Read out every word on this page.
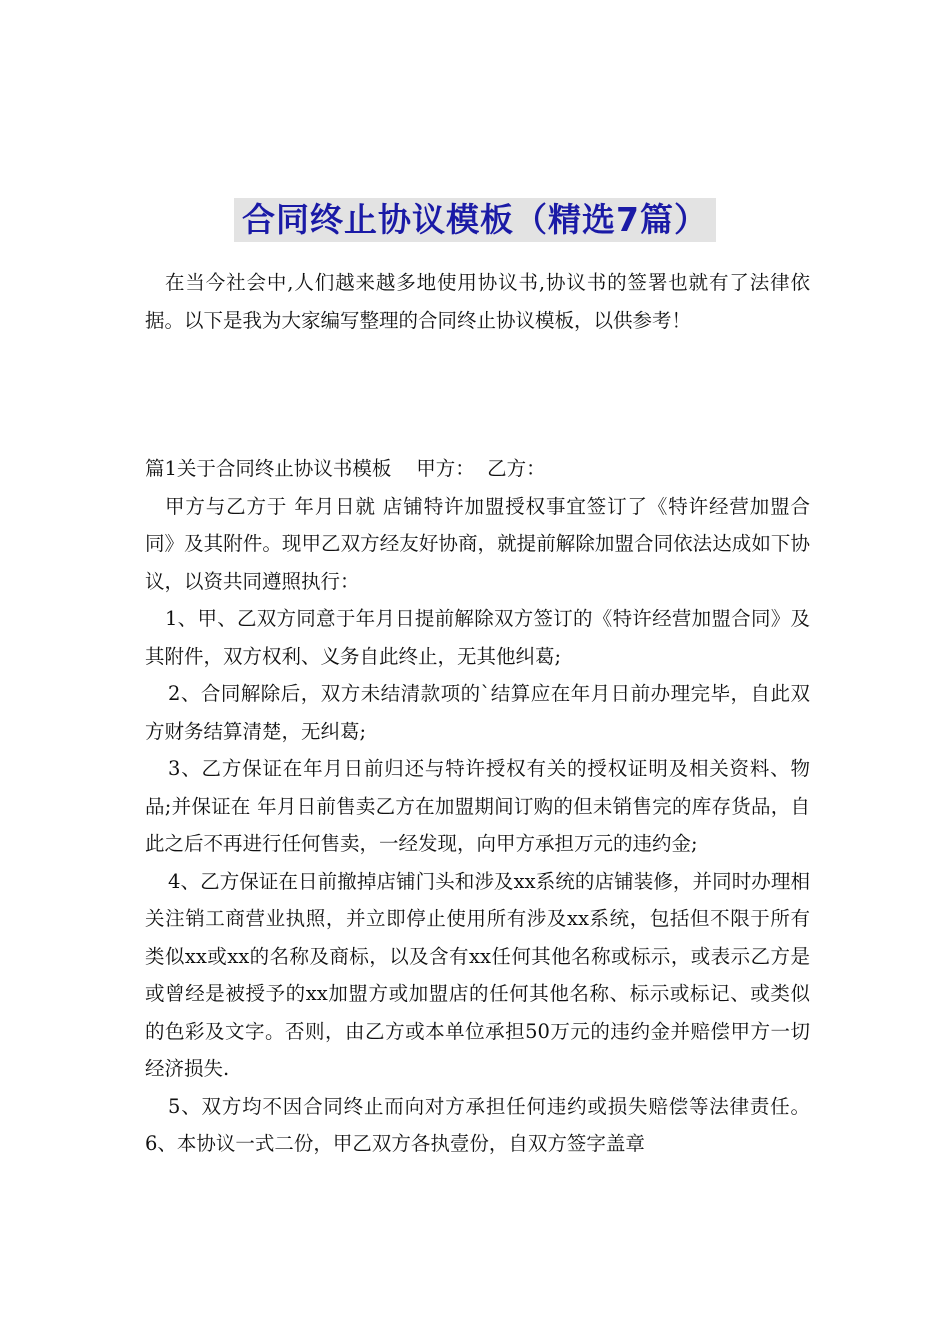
合同终止协议模板（精选7篇）

在当今社会中,人们越来越多地使用协议书,协议书的签署也就有了法律依据。以下是我为大家编写整理的合同终止协议模板，以供参考！

篇1关于合同终止协议书模板    甲方：  乙方：

甲方与乙方于 年月日就 店铺特许加盟授权事宜签订了《特许经营加盟合同》及其附件。现甲乙双方经友好协商，就提前解除加盟合同依法达成如下协议，以资共同遵照执行：

1、甲、乙双方同意于年月日提前解除双方签订的《特许经营加盟合同》及其附件，双方权利、义务自此终止，无其他纠葛;

2、合同解除后，双方未结清款项的`结算应在年月日前办理完毕，自此双方财务结算清楚，无纠葛;

3、乙方保证在年月日前归还与特许授权有关的授权证明及相关资料、物品;并保证在 年月日前售卖乙方在加盟期间订购的但未销售完的库存货品，自此之后不再进行任何售卖，一经发现，向甲方承担万元的违约金;

4、乙方保证在日前撤掉店铺门头和涉及xx系统的店铺装修，并同时办理相关注销工商营业执照，并立即停止使用所有涉及xx系统，包括但不限于所有类似xx或xx的名称及商标，以及含有xx任何其他名称或标示，或表示乙方是或曾经是被授予的xx加盟方或加盟店的任何其他名称、标示或标记、或类似的色彩及文字。否则，由乙方或本单位承担50万元的违约金并赔偿甲方一切经济损失.

5、双方均不因合同终止而向对方承担任何违约或损失赔偿等法律责任。 6、本协议一式二份，甲乙双方各执壹份，自双方签字盖章
